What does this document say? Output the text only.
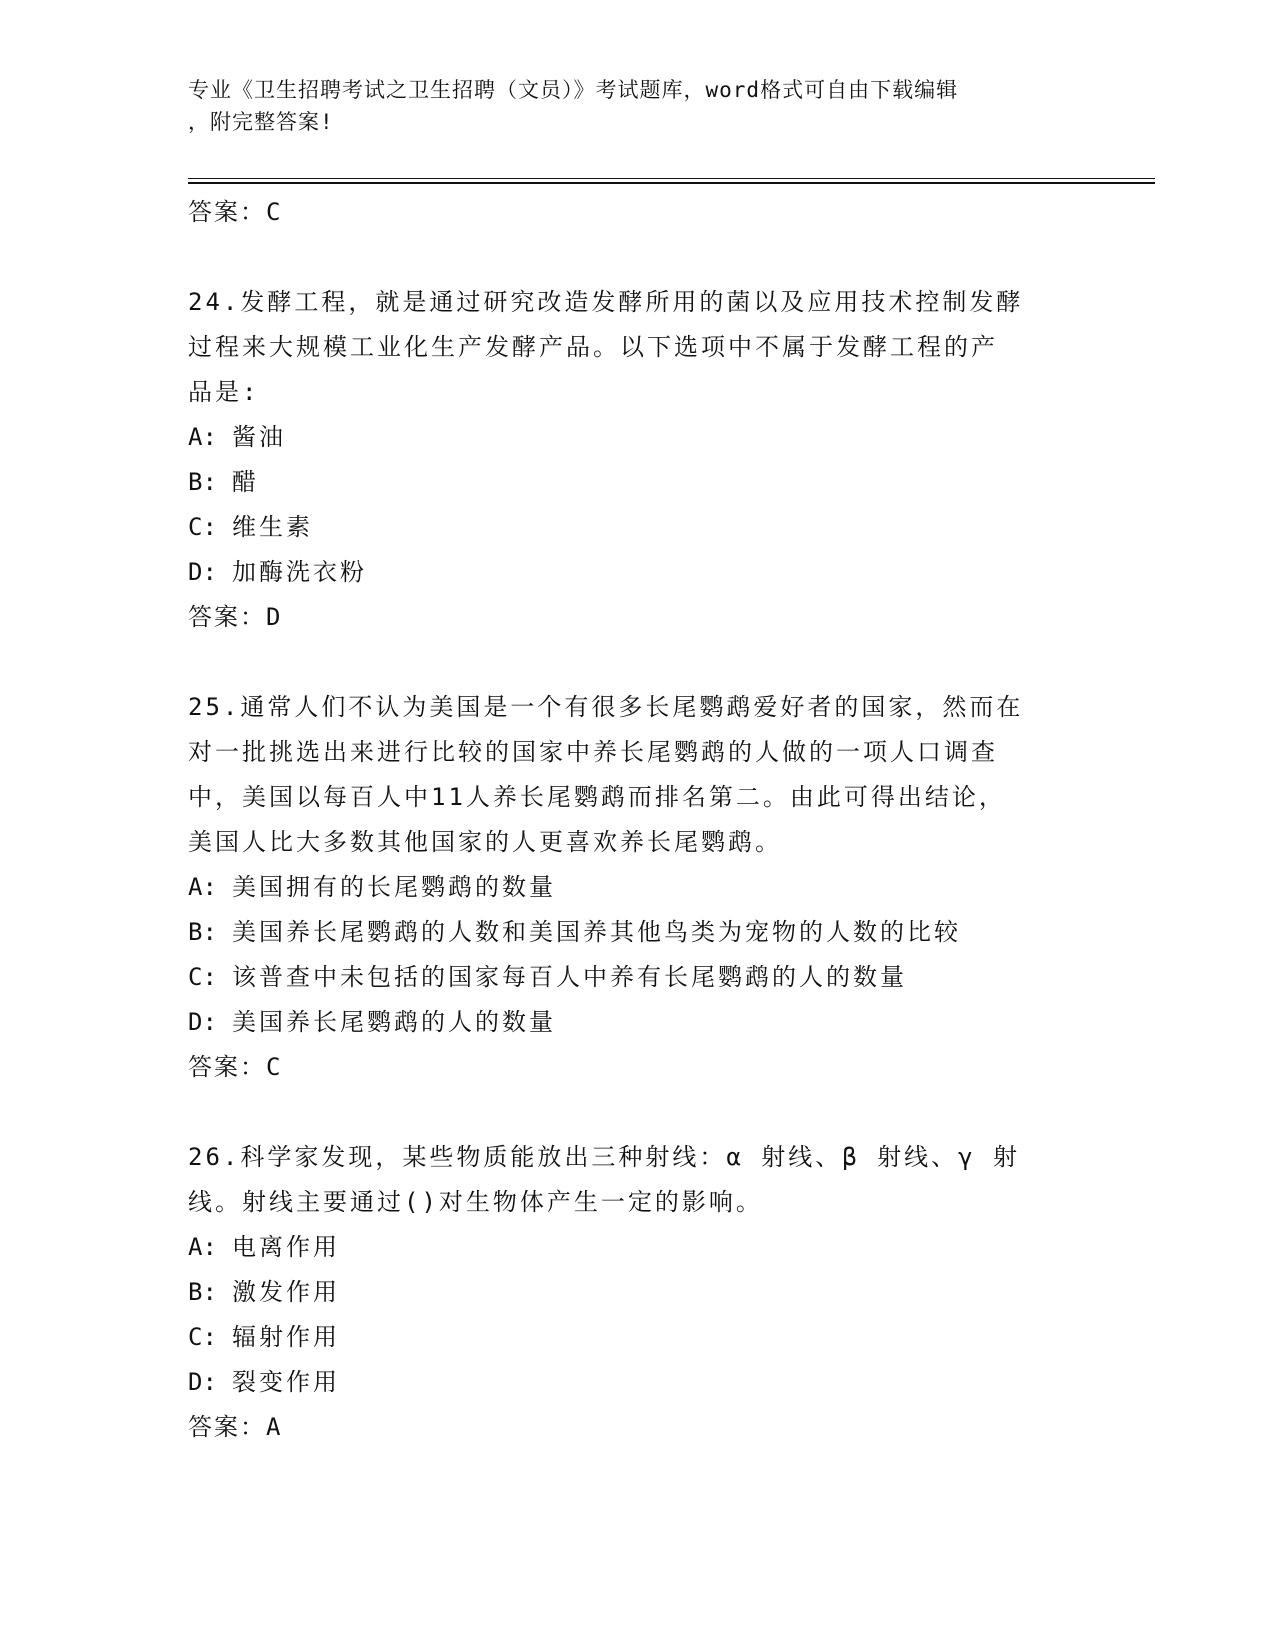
专业《卫生招聘考试之卫生招聘（文员）》考试题库，word格式可自由下载编辑
，附完整答案!

答案：C

24.发酵工程，就是通过研究改造发酵所用的菌以及应用技术控制发酵

过程来大规模工业化生产发酵产品。以下选项中不属于发酵工程的产

品是:

A: 酱油

B: 醋

C: 维生素

D: 加酶洗衣粉

答案：D

25.通常人们不认为美国是一个有很多长尾鹦鹉爱好者的国家，然而在

对一批挑选出来进行比较的国家中养长尾鹦鹉的人做的一项人口调查

中，美国以每百人中11人养长尾鹦鹉而排名第二。由此可得出结论，

美国人比大多数其他国家的人更喜欢养长尾鹦鹉。

A: 美国拥有的长尾鹦鹉的数量

B: 美国养长尾鹦鹉的人数和美国养其他鸟类为宠物的人数的比较

C: 该普查中未包括的国家每百人中养有长尾鹦鹉的人的数量

D: 美国养长尾鹦鹉的人的数量

答案：C

26.科学家发现，某些物质能放出三种射线：α 射线、β 射线、γ 射

线。射线主要通过()对生物体产生一定的影响。

A: 电离作用

B: 激发作用

C: 辐射作用

D: 裂变作用

答案：A
